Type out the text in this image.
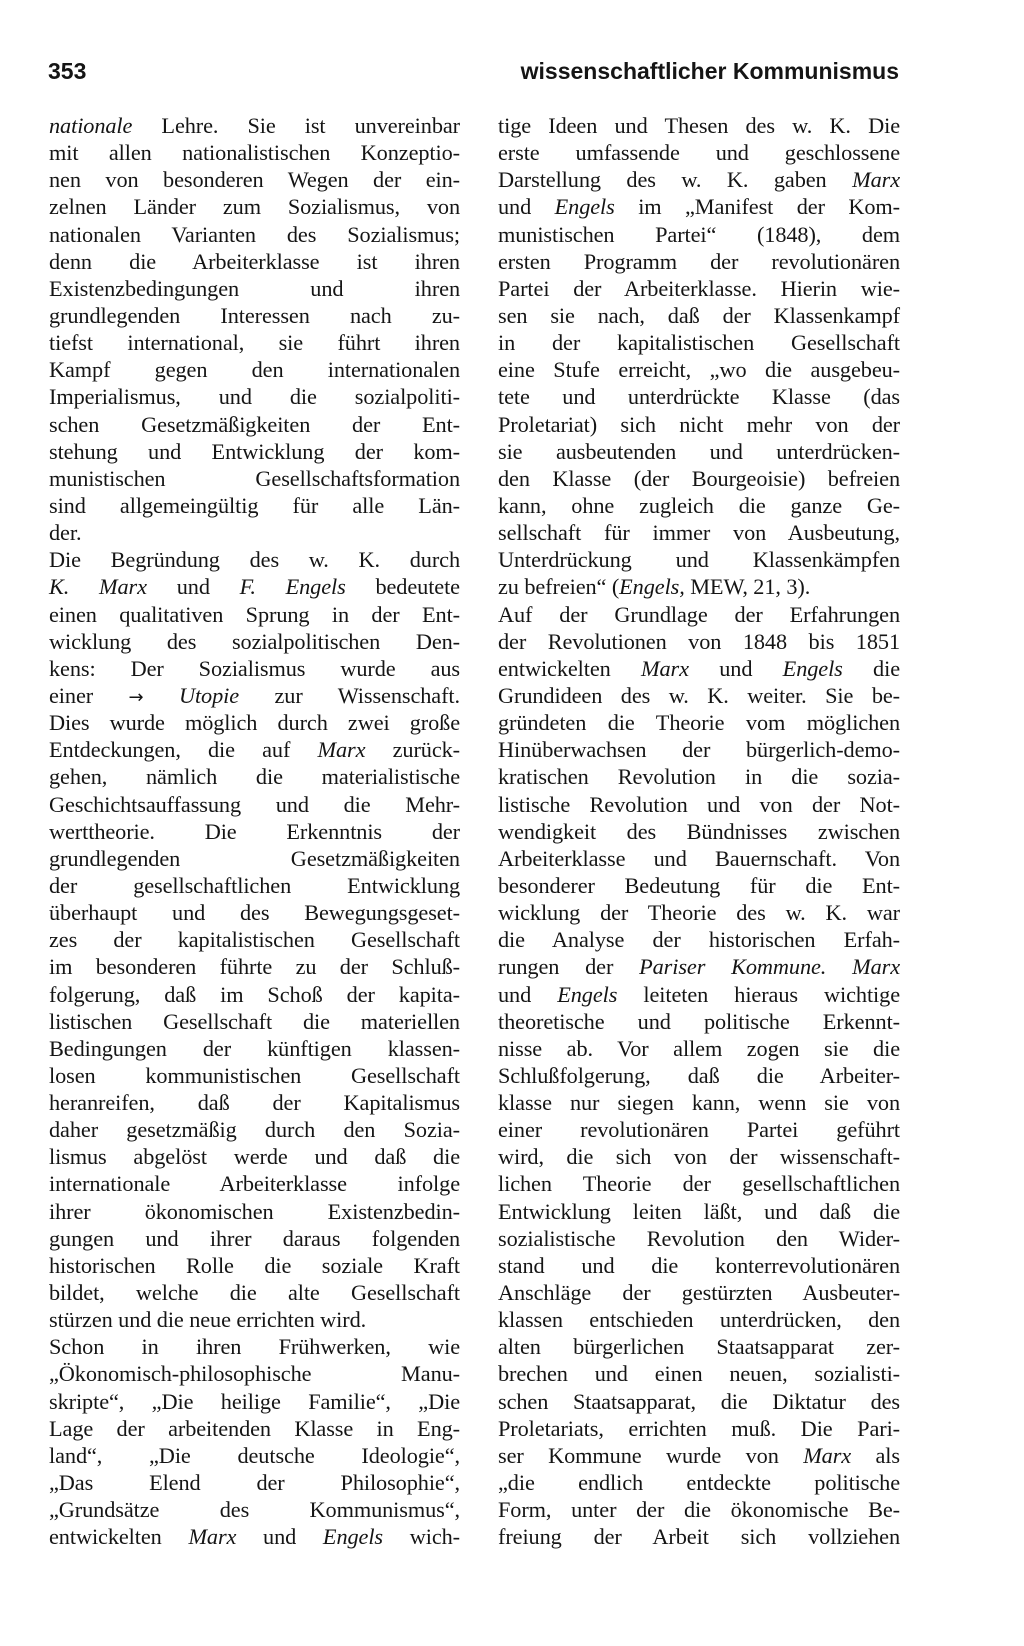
353	wissenschaftlicher Kommunismus
nationale Lehre. Sie ist unvereinbar
mit allen nationalistischen Konzeptio-
nen von besonderen Wegen der ein-
zelnen Länder zum Sozialismus, von
nationalen Varianten des Sozialismus;
denn die Arbeiterklasse ist ihren
Existenzbedingungen und ihren
grundlegenden Interessen nach zu-
tiefst international, sie führt ihren
Kampf gegen den internationalen
Imperialismus, und die sozialpoliti-
schen Gesetzmäßigkeiten der Ent-
stehung und Entwicklung der kom-
munistischen Gesellschaftsformation
sind allgemeingültig für alle Län-
der.
Die Begründung des w. K. durch
K. Marx und F. Engels bedeutete
einen qualitativen Sprung in der Ent-
wicklung des sozialpolitischen Den-
kens: Der Sozialismus wurde aus
einer → Utopie zur Wissenschaft.
Dies wurde möglich durch zwei große
Entdeckungen, die auf Marx zurück-
gehen, nämlich die materialistische
Geschichtsauffassung und die Mehr-
werttheorie. Die Erkenntnis der
grundlegenden Gesetzmäßigkeiten
der gesellschaftlichen Entwicklung
überhaupt und des Bewegungsgeset-
zes der kapitalistischen Gesellschaft
im besonderen führte zu der Schluß-
folgerung, daß im Schoß der kapita-
listischen Gesellschaft die materiellen
Bedingungen der künftigen klassen-
losen kommunistischen Gesellschaft
heranreifen, daß der Kapitalismus
daher gesetzmäßig durch den Sozia-
lismus abgelöst werde und daß die
internationale Arbeiterklasse infolge
ihrer ökonomischen Existenzbedin-
gungen und ihrer daraus folgenden
historischen Rolle die soziale Kraft
bildet, welche die alte Gesellschaft
stürzen und die neue errichten wird.
Schon in ihren Frühwerken, wie
„Ökonomisch-philosophische Manu-
skripte“, „Die heilige Familie“, „Die
Lage der arbeitenden Klasse in Eng-
land“, „Die deutsche Ideologie“,
„Das Elend der Philosophie“,
„Grundsätze des Kommunismus“,
entwickelten Marx und Engels wich-
tige Ideen und Thesen des w. K. Die
erste umfassende und geschlossene
Darstellung des w. K. gaben Marx
und Engels im „Manifest der Kom-
munistischen Partei“ (1848), dem
ersten Programm der revolutionären
Partei der Arbeiterklasse. Hierin wie-
sen sie nach, daß der Klassenkampf
in der kapitalistischen Gesellschaft
eine Stufe erreicht, „wo die ausgebeu-
tete und unterdrückte Klasse (das
Proletariat) sich nicht mehr von der
sie ausbeutenden und unterdrücken-
den Klasse (der Bourgeoisie) befreien
kann, ohne zugleich die ganze Ge-
sellschaft für immer von Ausbeutung,
Unterdrückung und Klassenkämpfen
zu befreien“ (Engels, MEW, 21, 3).
Auf der Grundlage der Erfahrungen
der Revolutionen von 1848 bis 1851
entwickelten Marx und Engels die
Grundideen des w. K. weiter. Sie be-
gründeten die Theorie vom möglichen
Hinüberwachsen der bürgerlich-demo-
kratischen Revolution in die sozia-
listische Revolution und von der Not-
wendigkeit des Bündnisses zwischen
Arbeiterklasse und Bauernschaft. Von
besonderer Bedeutung für die Ent-
wicklung der Theorie des w. K. war
die Analyse der historischen Erfah-
rungen der Pariser Kommune. Marx
und Engels leiteten hieraus wichtige
theoretische und politische Erkennt-
nisse ab. Vor allem zogen sie die
Schlußfolgerung, daß die Arbeiter-
klasse nur siegen kann, wenn sie von
einer revolutionären Partei geführt
wird, die sich von der wissenschaft-
lichen Theorie der gesellschaftlichen
Entwicklung leiten läßt, und daß die
sozialistische Revolution den Wider-
stand und die konterrevolutionären
Anschläge der gestürzten Ausbeuter-
klassen entschieden unterdrücken, den
alten bürgerlichen Staatsapparat zer-
brechen und einen neuen, sozialisti-
schen Staatsapparat, die Diktatur des
Proletariats, errichten muß. Die Pari-
ser Kommune wurde von Marx als
„die endlich entdeckte politische
Form, unter der die ökonomische Be-
freiung der Arbeit sich vollziehen
